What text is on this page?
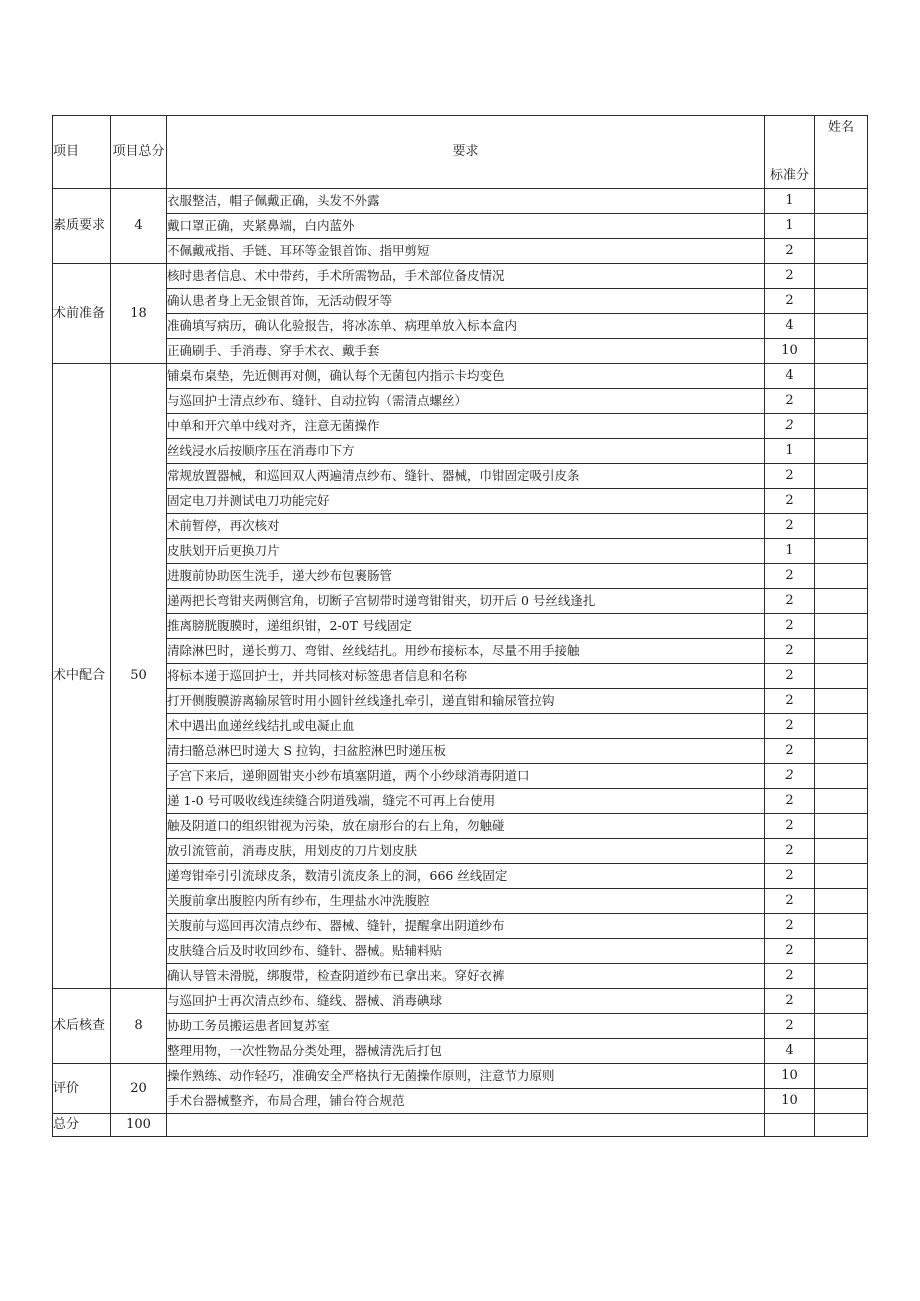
项目	项目总分	要求	标准分	姓名
素质要求	4	衣服整洁，帽子佩戴正确，头发不外露	1	
		戴口罩正确，夹紧鼻端，白内蓝外	1	
		不佩戴戒指、手链、耳环等金银首饰、指甲剪短	2	
术前准备	18	核时患者信息、术中带药，手术所需物品，手术部位备皮情况	2	
		确认患者身上无金银首饰，无活动假牙等	2	
		准确填写病历，确认化验报告，将冰冻单、病理单放入标本盒内	4	
		正确刷手、手消毒、穿手术衣、戴手套	10	
术中配合	50	铺桌布桌垫，先近侧再对侧，确认每个无菌包内指示卡均变色	4	
		与巡回护士清点纱布、缝针、自动拉钩（需清点螺丝）	2	
		中单和开穴单中线对齐，注意无菌操作	2	
		丝线浸水后按顺序压在消毒巾下方	1	
		常规放置器械，和巡回双人两遍清点纱布、缝针、器械，巾钳固定吸引皮条	2	
		固定电刀并测试电刀功能完好	2	
		术前暂停，再次核对	2	
		皮肤划开后更换刀片	1	
		进腹前协助医生洗手，递大纱布包裹肠管	2	
		递两把长弯钳夹两侧宫角，切断子宫韧带时递弯钳钳夹，切开后 0 号丝线逢扎	2	
		推离膀胱腹膜时，递组织钳，2-0T 号线固定	2	
		清除淋巴时，递长剪刀、弯钳、丝线结扎。用纱布接标本，尽量不用手接触	2	
		将标本递于巡回护士，并共同核对标签患者信息和名称	2	
		打开侧腹膜游离输尿管时用小圆针丝线逢扎牵引，递直钳和输尿管拉钩	2	
		术中遇出血递丝线结扎或电凝止血	2	
		清扫骼总淋巴时递大 S 拉钩，扫盆腔淋巴时递压板	2	
		子宫下来后，递卵圆钳夹小纱布填塞阴道，两个小纱球消毒阴道口	2	
		递 1-0 号可吸收线连续缝合阴道残端，缝完不可再上台使用	2	
		触及阴道口的组织钳视为污染，放在扇形台的右上角，勿触碰	2	
		放引流管前，消毒皮肤，用划皮的刀片划皮肤	2	
		递弯钳牵引引流球皮条，数清引流皮条上的洞，666 丝线固定	2	
		关腹前拿出腹腔内所有纱布，生理盐水冲洗腹腔	2	
		关腹前与巡回再次清点纱布、器械、缝针，提醒拿出阴道纱布	2	
		皮肤缝合后及时收回纱布、缝针、器械。贴辅料贴	2	
		确认导管未滑脱，绑腹带，检查阴道纱布已拿出来。穿好衣裤	2	
术后核查	8	与巡回护士再次清点纱布、缝线、器械、消毒碘球	2	
		协助工务员搬运患者回复苏室	2	
		整理用物，一次性物品分类处理，器械清洗后打包	4	
评价	20	操作熟练、动作轻巧，准确安全严格执行无菌操作原则，注意节力原则	10	
		手术台器械整齐，布局合理，铺台符合规范	10	
总分	100			
